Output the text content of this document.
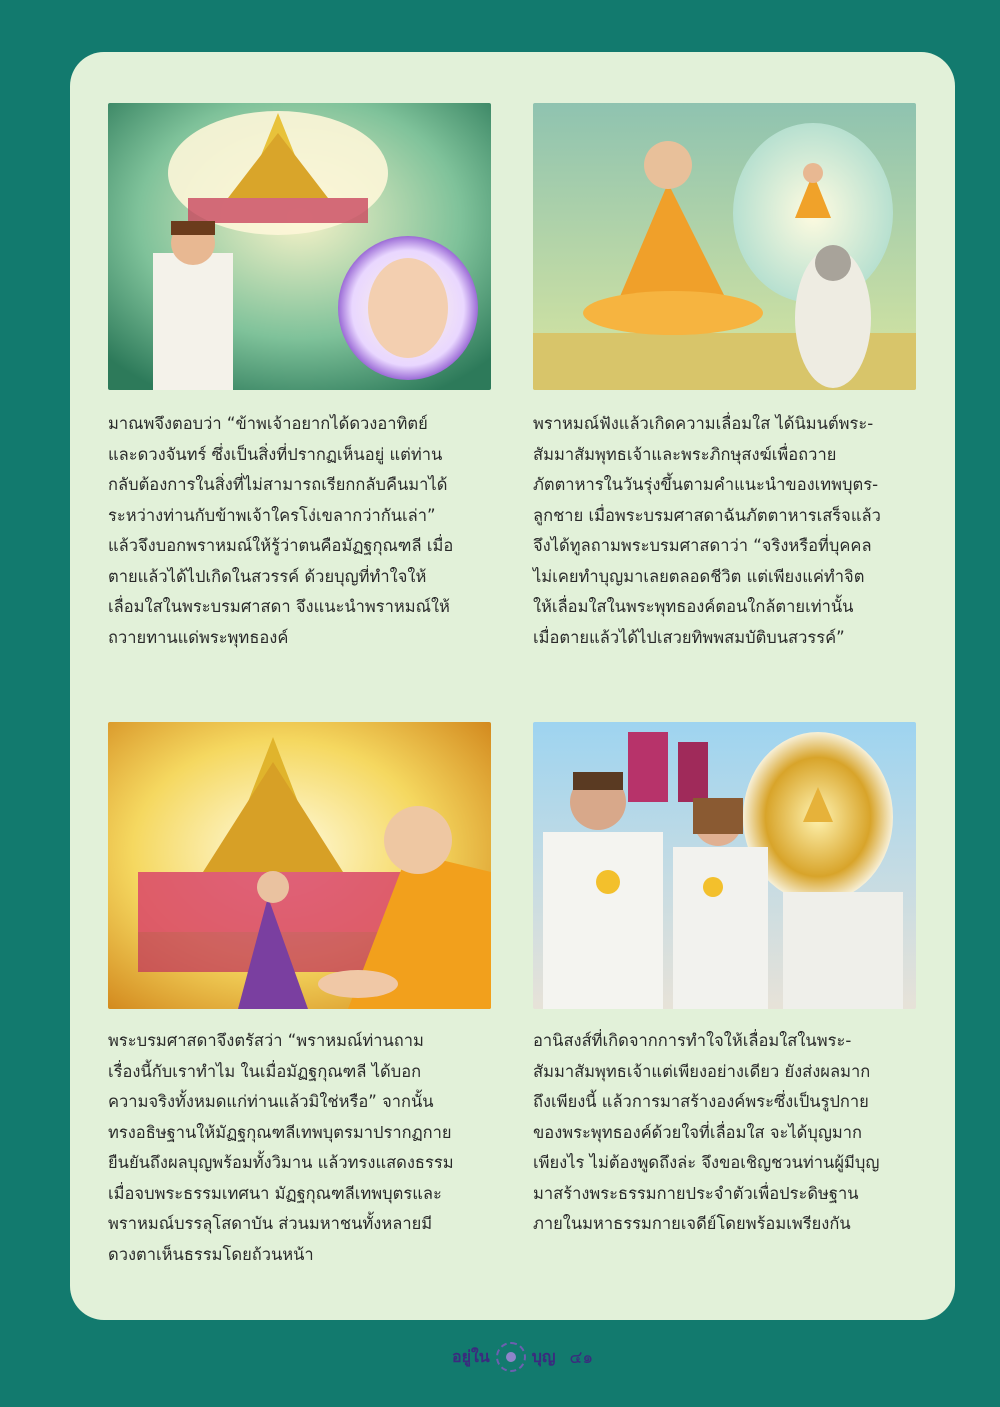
มาณพจึงตอบว่า “ข้าพเจ้าอยากได้ดวงอาทิตย์
และดวงจันทร์ ซึ่งเป็นสิ่งที่ปรากฏเห็นอยู่ แต่ท่าน
กลับต้องการในสิ่งที่ไม่สามารถเรียกกลับคืนมาได้
ระหว่างท่านกับข้าพเจ้าใครโง่เขลากว่ากันเล่า”
แล้วจึงบอกพราหมณ์ให้รู้ว่าตนคือมัฏฐกุณฑลี เมื่อ
ตายแล้วได้ไปเกิดในสวรรค์ ด้วยบุญที่ทำใจให้
เลื่อมใสในพระบรมศาสดา จึงแนะนำพราหมณ์ให้
ถวายทานแด่พระพุทธองค์

พราหมณ์ฟังแล้วเกิดความเลื่อมใส ได้นิมนต์พระ-
สัมมาสัมพุทธเจ้าและพระภิกษุสงฆ์เพื่อถวาย
ภัตตาหารในวันรุ่งขึ้นตามคำแนะนำของเทพบุตร-
ลูกชาย เมื่อพระบรมศาสดาฉันภัตตาหารเสร็จแล้ว
จึงได้ทูลถามพระบรมศาสดาว่า “จริงหรือที่บุคคล
ไม่เคยทำบุญมาเลยตลอดชีวิต แต่เพียงแค่ทำจิต
ให้เลื่อมใสในพระพุทธองค์ตอนใกล้ตายเท่านั้น
เมื่อตายแล้วได้ไปเสวยทิพพสมบัติบนสวรรค์”

พระบรมศาสดาจึงตรัสว่า “พราหมณ์ท่านถาม
เรื่องนี้กับเราทำไม ในเมื่อมัฏฐกุณฑลี ได้บอก
ความจริงทั้งหมดแก่ท่านแล้วมิใช่หรือ” จากนั้น
ทรงอธิษฐานให้มัฏฐกุณฑลีเทพบุตรมาปรากฏกาย
ยืนยันถึงผลบุญพร้อมทั้งวิมาน แล้วทรงแสดงธรรม
เมื่อจบพระธรรมเทศนา มัฏฐกุณฑลีเทพบุตรและ
พราหมณ์บรรลุโสดาบัน ส่วนมหาชนทั้งหลายมี
ดวงตาเห็นธรรมโดยถ้วนหน้า

อานิสงส์ที่เกิดจากการทำใจให้เลื่อมใสในพระ-
สัมมาสัมพุทธเจ้าแต่เพียงอย่างเดียว ยังส่งผลมาก
ถึงเพียงนี้ แล้วการมาสร้างองค์พระซึ่งเป็นรูปกาย
ของพระพุทธองค์ด้วยใจที่เลื่อมใส จะได้บุญมาก
เพียงไร ไม่ต้องพูดถึงล่ะ จึงขอเชิญชวนท่านผู้มีบุญ
มาสร้างพระธรรมกายประจำตัวเพื่อประดิษฐาน
ภายในมหาธรรมกายเจดีย์โดยพร้อมเพรียงกัน

อยู่ใน	บุญ ๔๑
